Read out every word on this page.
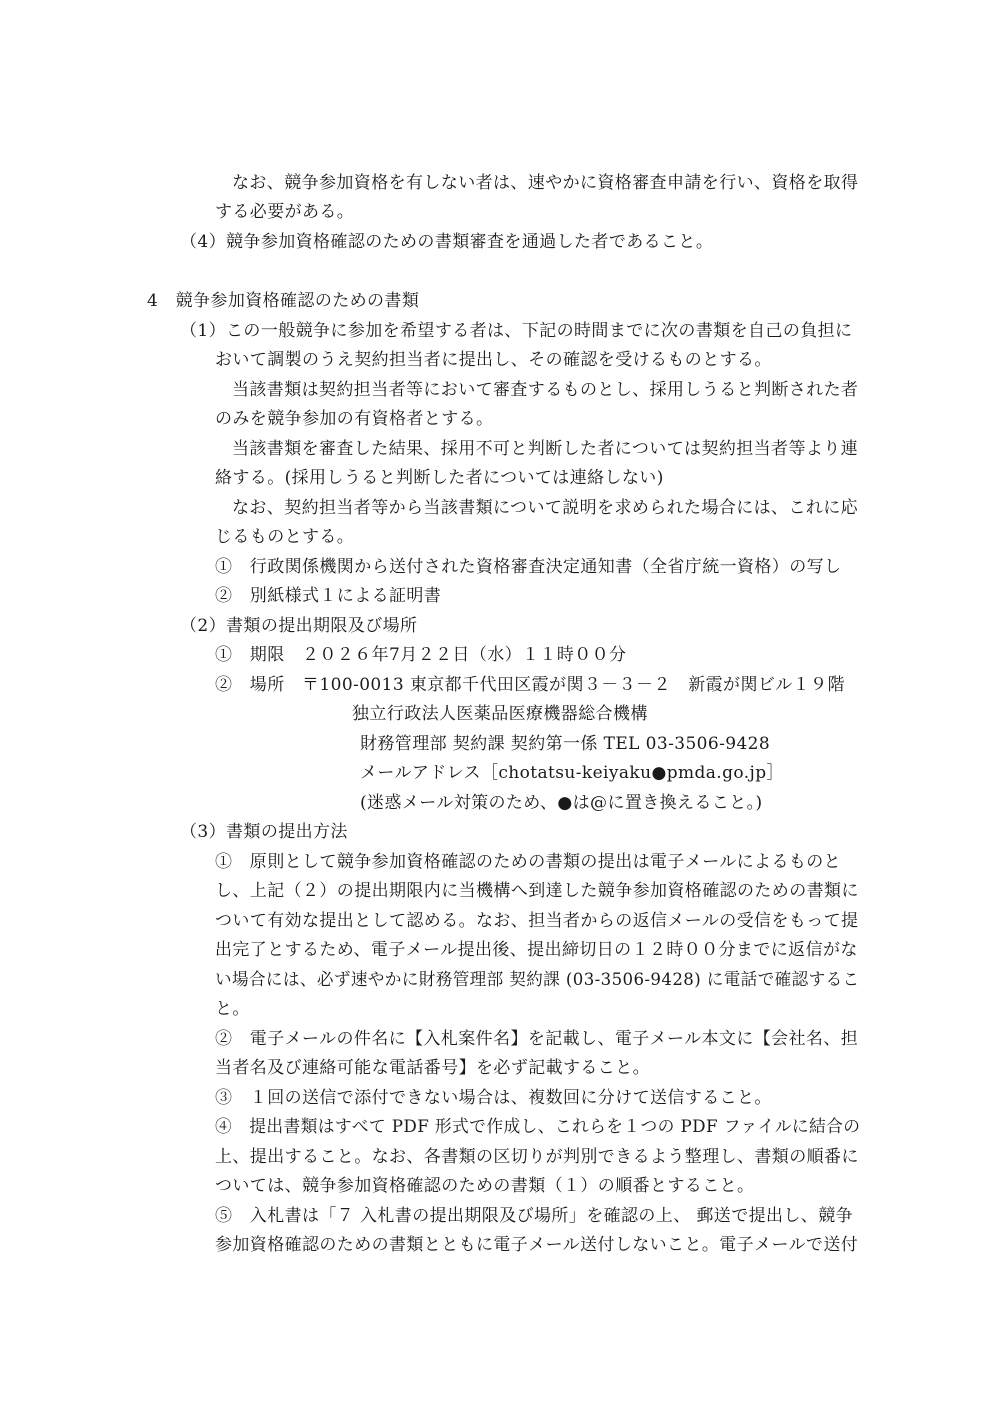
なお、競争参加資格を有しない者は、速やかに資格審査申請を行い、資格を取得
する必要がある。
（4）競争参加資格確認のための書類審査を通過した者であること。
4　競争参加資格確認のための書類
（1）この一般競争に参加を希望する者は、下記の時間までに次の書類を自己の負担に
おいて調製のうえ契約担当者に提出し、その確認を受けるものとする。
当該書類は契約担当者等において審査するものとし、採用しうると判断された者
のみを競争参加の有資格者とする。
当該書類を審査した結果、採用不可と判断した者については契約担当者等より連
絡する。(採用しうると判断した者については連絡しない)
なお、契約担当者等から当該書類について説明を求められた場合には、これに応
じるものとする。
①　行政関係機関から送付された資格審査決定通知書（全省庁統一資格）の写し
②　別紙様式１による証明書
（2）書類の提出期限及び場所
①　期限　２０２６年7月２２日（水）１１時００分
②　場所　〒100-0013 東京都千代田区霞が関３－３－２　新霞が関ビル１９階
独立行政法人医薬品医療機器総合機構
財務管理部 契約課 契約第一係 TEL 03-3506-9428
メールアドレス［chotatsu-keiyaku●pmda.go.jp］
(迷惑メール対策のため、●は@に置き換えること。)
（3）書類の提出方法
①　原則として競争参加資格確認のための書類の提出は電子メールによるものと
し、上記（２）の提出期限内に当機構へ到達した競争参加資格確認のための書類に
ついて有効な提出として認める。なお、担当者からの返信メールの受信をもって提
出完了とするため、電子メール提出後、提出締切日の１２時００分までに返信がな
い場合には、必ず速やかに財務管理部 契約課 (03-3506-9428) に電話で確認するこ
と。
②　電子メールの件名に【入札案件名】を記載し、電子メール本文に【会社名、担
当者名及び連絡可能な電話番号】を必ず記載すること。
③　１回の送信で添付できない場合は、複数回に分けて送信すること。
④　提出書類はすべて PDF 形式で作成し、これらを１つの PDF ファイルに結合の
上、提出すること。なお、各書類の区切りが判別できるよう整理し、書類の順番に
ついては、競争参加資格確認のための書類（１）の順番とすること。
⑤　入札書は「７ 入札書の提出期限及び場所」を確認の上、 郵送で提出し、競争
参加資格確認のための書類とともに電子メール送付しないこと。電子メールで送付
